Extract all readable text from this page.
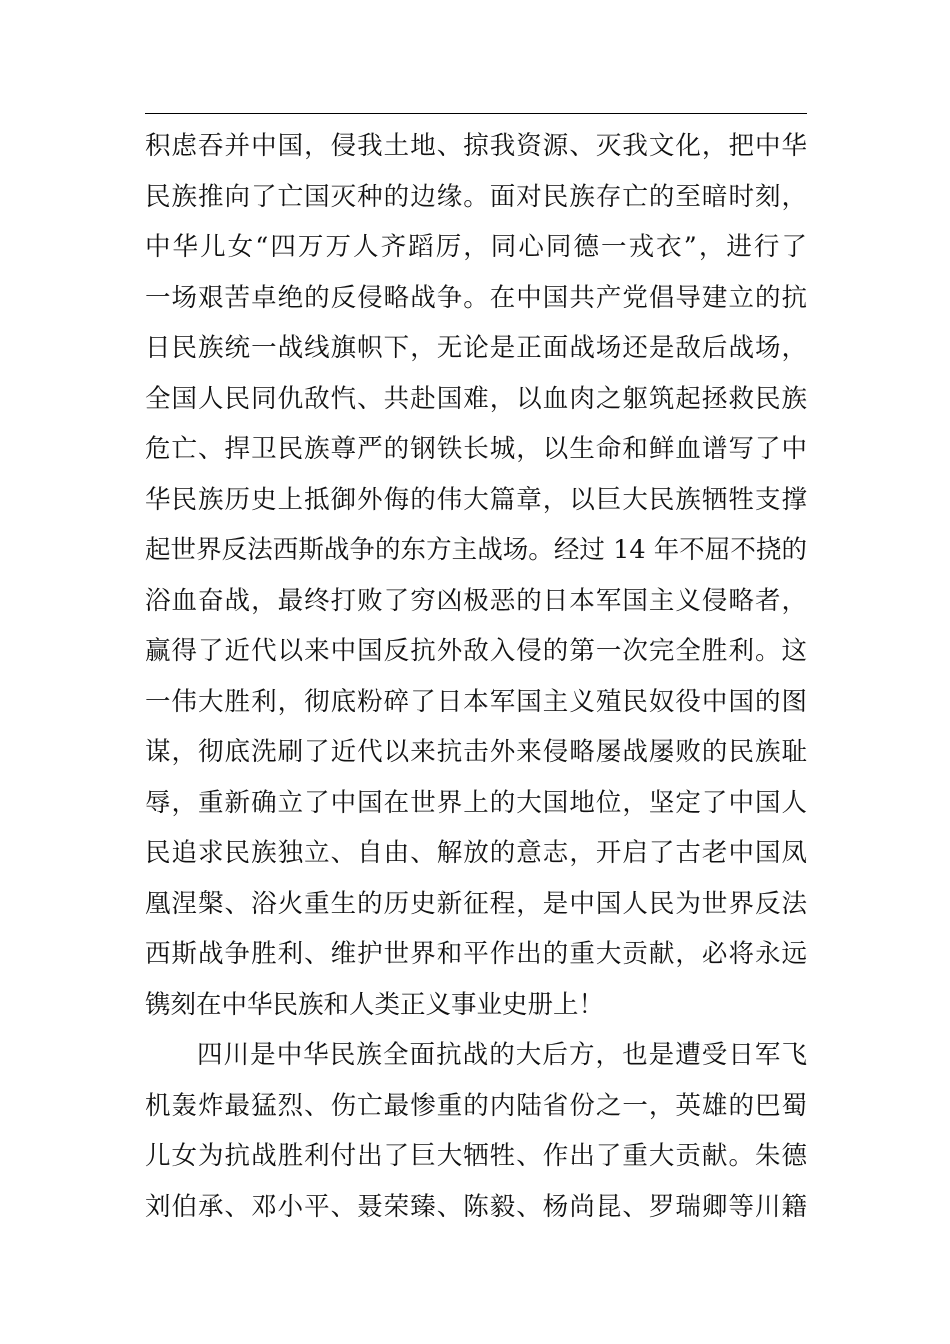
积虑吞并中国，侵我土地、掠我资源、灭我文化，把中华
民族推向了亡国灭种的边缘。面对民族存亡的至暗时刻，
中华儿女“四万万人齐蹈厉，同心同德一戎衣”，进行了
一场艰苦卓绝的反侵略战争。在中国共产党倡导建立的抗
日民族统一战线旗帜下，无论是正面战场还是敌后战场，
全国人民同仇敌忾、共赴国难，以血肉之躯筑起拯救民族
危亡、捍卫民族尊严的钢铁长城，以生命和鲜血谱写了中
华民族历史上抵御外侮的伟大篇章，以巨大民族牺牲支撑
起世界反法西斯战争的东方主战场。经过 14 年不屈不挠的
浴血奋战，最终打败了穷凶极恶的日本军国主义侵略者，
赢得了近代以来中国反抗外敌入侵的第一次完全胜利。这
一伟大胜利，彻底粉碎了日本军国主义殖民奴役中国的图
谋，彻底洗刷了近代以来抗击外来侵略屡战屡败的民族耻
辱，重新确立了中国在世界上的大国地位，坚定了中国人
民追求民族独立、自由、解放的意志，开启了古老中国凤
凰涅槃、浴火重生的历史新征程，是中国人民为世界反法
西斯战争胜利、维护世界和平作出的重大贡献，必将永远
镌刻在中华民族和人类正义事业史册上！
四川是中华民族全面抗战的大后方，也是遭受日军飞
机轰炸最猛烈、伤亡最惨重的内陆省份之一，英雄的巴蜀
儿女为抗战胜利付出了巨大牺牲、作出了重大贡献。朱德
刘伯承、邓小平、聂荣臻、陈毅、杨尚昆、罗瑞卿等川籍
